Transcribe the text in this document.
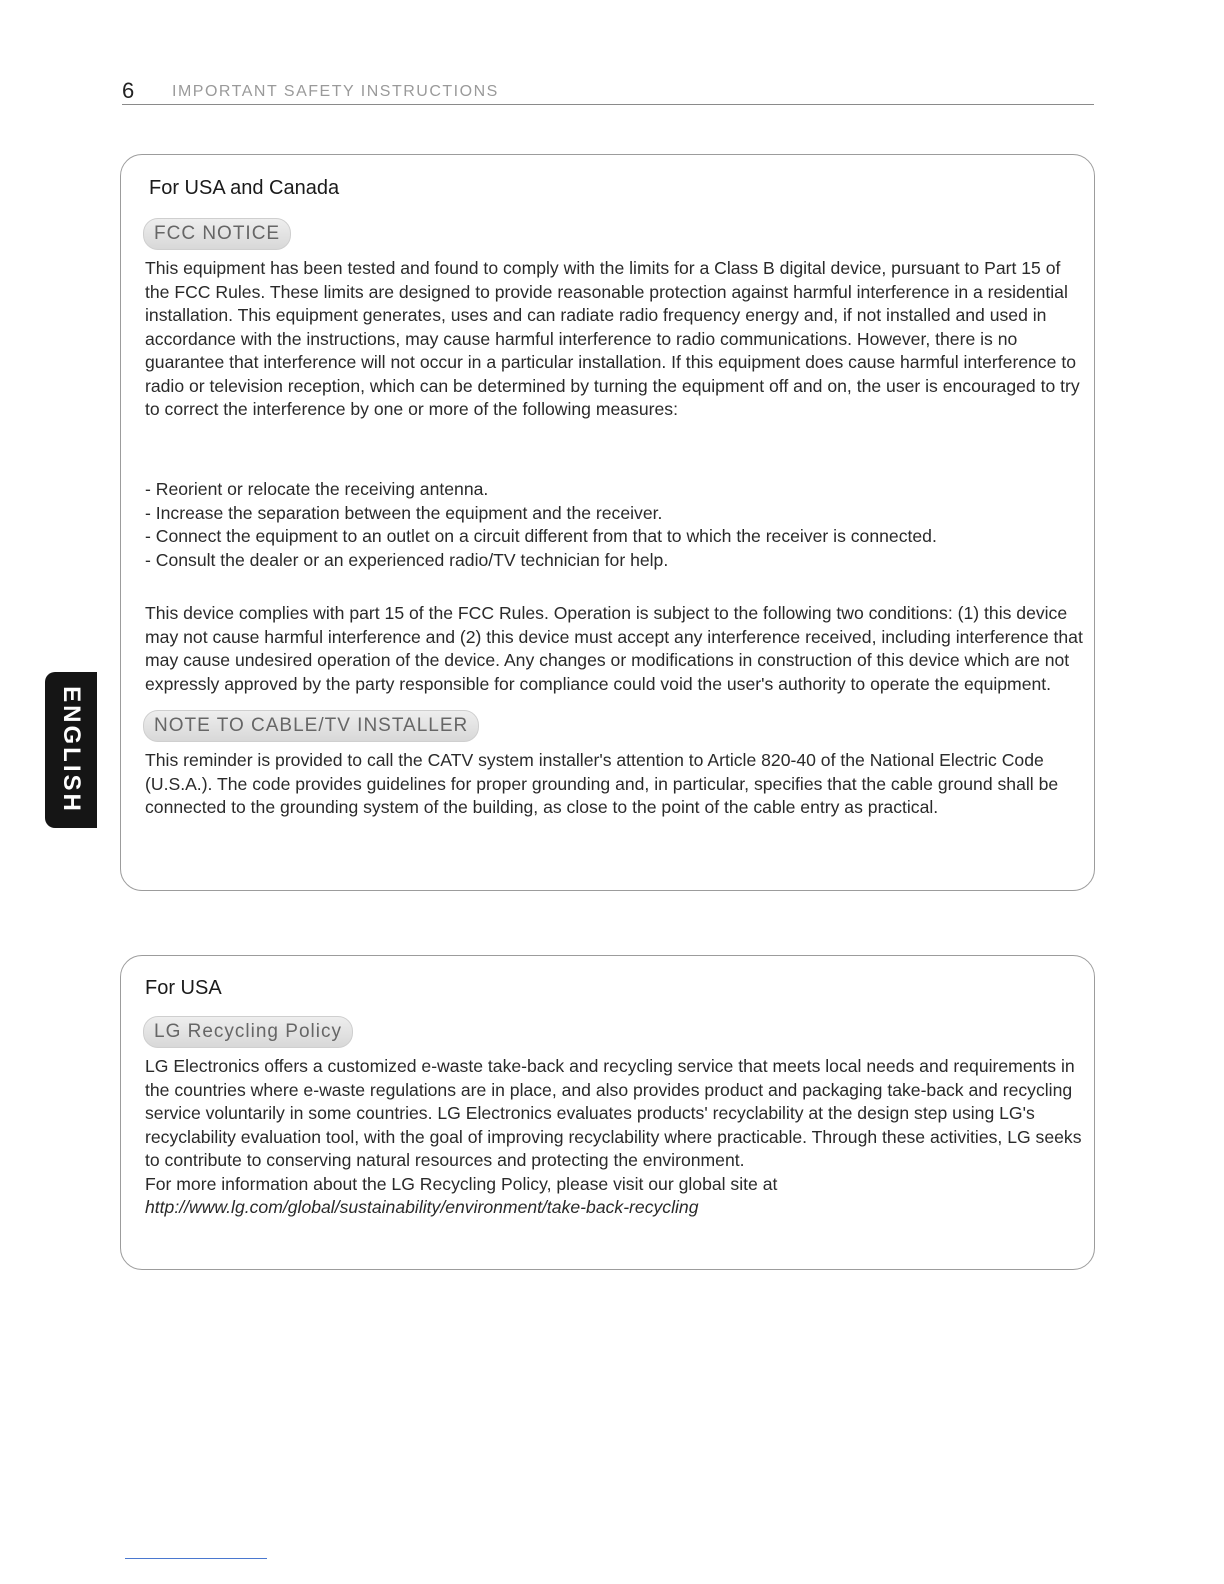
6 IMPORTANT SAFETY INSTRUCTIONS
ENGLISH
For USA and Canada
FCC NOTICE

This equipment has been tested and found to comply with the limits for a Class B digital device, pursuant to Part 15 of the FCC Rules. These limits are designed to provide reasonable protection against harmful interference in a residential installation. This equipment generates, uses and can radiate radio frequency energy and, if not installed and used in accordance with the instructions, may cause harmful interference to radio communications. However, there is no guarantee that interference will not occur in a particular installation. If this equipment does cause harmful interference to radio or television reception, which can be determined by turning the equipment off and on, the user is encouraged to try to correct the interference by one or more of the following measures:

- Reorient or relocate the receiving antenna.
- Increase the separation between the equipment and the receiver.
- Connect the equipment to an outlet on a circuit different from that to which the receiver is connected.
- Consult the dealer or an experienced radio/TV technician for help.

This device complies with part 15 of the FCC Rules. Operation is subject to the following two conditions: (1) this device may not cause harmful interference and (2) this device must accept any interference received, including interference that may cause undesired operation of the device. Any changes or modifications in construction of this device which are not expressly approved by the party responsible for compliance could void the user's authority to operate the equipment.

NOTE TO CABLE/TV INSTALLER

This reminder is provided to call the CATV system installer's attention to Article 820-40 of the National Electric Code (U.S.A.). The code provides guidelines for proper grounding and, in particular, specifies that the cable ground shall be connected to the grounding system of the building, as close to the point of the cable entry as practical.

For USA
LG Recycling Policy
LG Electronics offers a customized e-waste take-back and recycling service that meets local needs and requirements in the countries where e-waste regulations are in place, and also provides product and packaging take-back and recycling service voluntarily in some countries. LG Electronics evaluates products' recyclability at the design step using LG's recyclability evaluation tool, with the goal of improving recyclability where practicable. Through these activities, LG seeks to contribute to conserving natural resources and protecting the environment.
For more information about the LG Recycling Policy, please visit our global site at
http://www.lg.com/global/sustainability/environment/take-back-recycling
